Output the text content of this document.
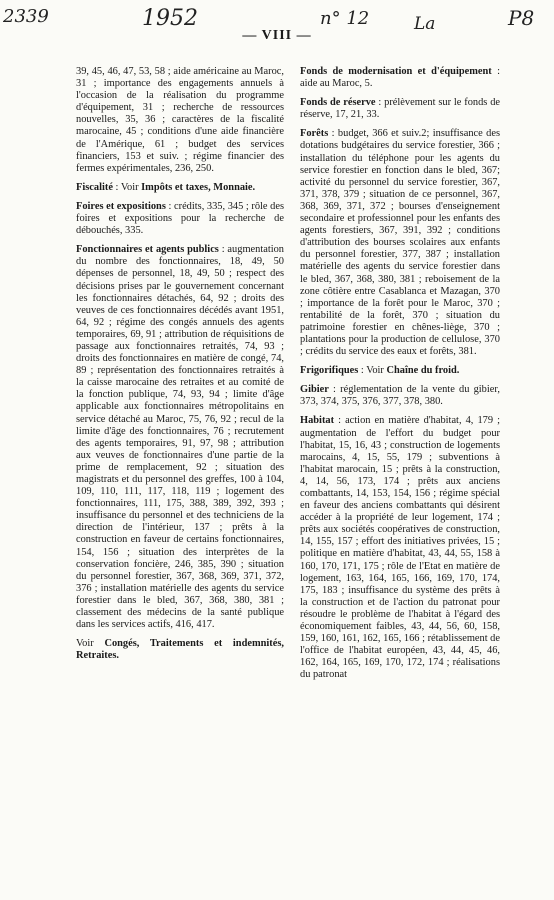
2339	1952	n° 12	La	P8
— VIII —

39, 45, 46, 47, 53, 58 ; aide américaine au Maroc, 31 ; importance des engagements annuels à l'occasion de la réalisation du programme d'équipement, 31 ; recherche de ressources nouvelles, 35, 36 ; caractères de la fiscalité marocaine, 45 ; conditions d'une aide financière de l'Amérique, 61 ; budget des services financiers, 153 et suiv. ; régime financier des fermes expérimentales, 236, 250.

Fiscalité : Voir Impôts et taxes, Monnaie.

Foires et expositions : crédits, 335, 345 ; rôle des foires et expositions pour la recherche de débouchés, 335.

Fonctionnaires et agents publics : augmentation du nombre des fonctionnaires, 18, 49, 50 dépenses de personnel, 18, 49, 50 ; respect des décisions prises par le gouvernement concernant les fonctionnaires détachés, 64, 92 ; droits des veuves de ces fonctionnaires décédés avant 1951, 64, 92 ; régime des congés annuels des agents temporaires, 69, 91 ; attribution de réquisitions de passage aux fonctionnaires retraités, 74, 93 ; droits des fonctionnaires en matière de congé, 74, 89 ; représentation des fonctionnaires retraités à la caisse marocaine des retraites et au comité de la fonction publique, 74, 93, 94 ; limite d'âge applicable aux fonctionnaires métropolitains en service détaché au Maroc, 75, 76, 92 ; recul de la limite d'âge des fonctionnaires, 76 ; recrutement des agents temporaires, 91, 97, 98 ; attribution aux veuves de fonctionnaires d'une partie de la prime de remplacement, 92 ; situation des magistrats et du personnel des greffes, 100 à 104, 109, 110, 111, 117, 118, 119 ; logement des fonctionnaires, 111, 175, 388, 389, 392, 393 ; insuffisance du personnel et des techniciens de la direction de l'intérieur, 137 ; prêts à la construction en faveur de certains fonctionnaires, 154, 156 ; situation des interprètes de la conservation foncière, 246, 385, 390 ; situation du personnel forestier, 367, 368, 369, 371, 372, 376 ; installation matérielle des agents du service forestier dans le bled, 367, 368, 380, 381 ; classement des médecins de la santé publique dans les services actifs, 416, 417.

Voir Congés, Traitements et indemnités, Retraites.

Fonds de modernisation et d'équipement : aide au Maroc, 5.

Fonds de réserve : prélèvement sur le fonds de réserve, 17, 21, 33.

Forêts : budget, 366 et suiv.2; insuffisance des dotations budgétaires du service forestier, 366 ; installation du téléphone pour les agents du service forestier en fonction dans le bled, 367; activité du personnel du service forestier, 367, 371, 378, 379 ; situation de ce personnel, 367, 368, 369, 371, 372 ; bourses d'enseignement secondaire et professionnel pour les enfants des agents forestiers, 367, 391, 392 ; conditions d'attribution des bourses scolaires aux enfants du personnel forestier, 377, 387 ; installation matérielle des agents du service forestier dans le bled, 367, 368, 380, 381 ; reboisement de la zone côtière entre Casablanca et Mazagan, 370 ; importance de la forêt pour le Maroc, 370 ; rentabilité de la forêt, 370 ; situation du patrimoine forestier en chênes-liège, 370 ; plantations pour la production de cellulose, 370 ; crédits du service des eaux et forêts, 381.

Frigorifiques : Voir Chaîne du froid.

Gibier : réglementation de la vente du gibier, 373, 374, 375, 376, 377, 378, 380.

Habitat : action en matière d'habitat, 4, 179 ; augmentation de l'effort du budget pour l'habitat, 15, 16, 43 ; construction de logements marocains, 4, 15, 55, 179 ; subventions à l'habitat marocain, 15 ; prêts à la construction, 4, 14, 56, 173, 174 ; prêts aux anciens combattants, 14, 153, 154, 156 ; régime spécial en faveur des anciens combattants qui désirent accéder à la propriété de leur logement, 174 ; prêts aux sociétés coopératives de construction, 14, 155, 157 ; effort des initiatives privées, 15 ; politique en matière d'habitat, 43, 44, 55, 158 à 160, 170, 171, 175 ; rôle de l'Etat en matière de logement, 163, 164, 165, 166, 169, 170, 174, 175, 183 ; insuffisance du système des prêts à la construction et de l'action du patronat pour résoudre le problème de l'habitat à l'égard des économiquement faibles, 43, 44, 56, 60, 158, 159, 160, 161, 162, 165, 166 ; rétablissement de l'office de l'habitat européen, 43, 44, 45, 46, 162, 164, 165, 169, 170, 172, 174 ; réalisations du patronat
